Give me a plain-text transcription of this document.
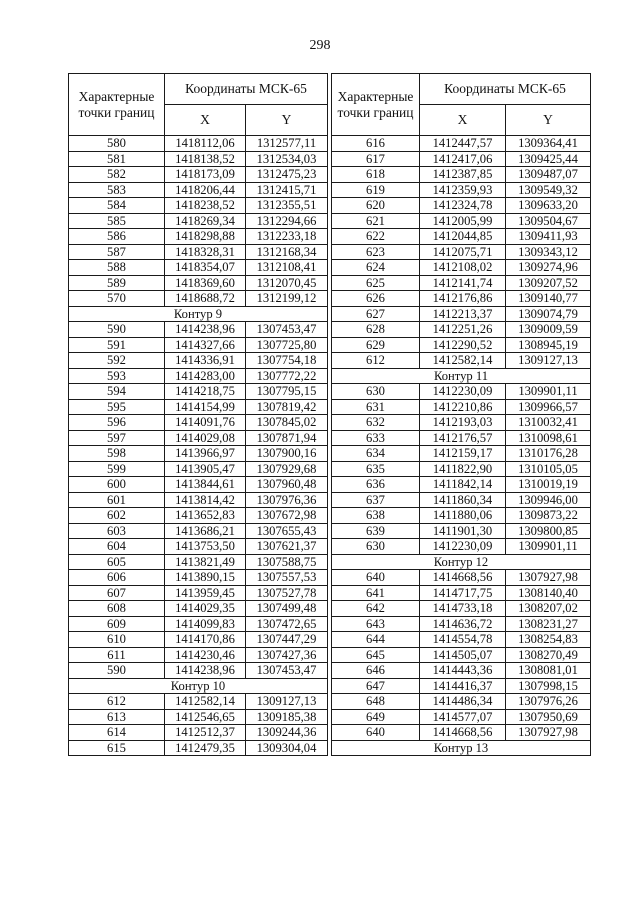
298
Характерные точки границ	Координаты МСК-65	
	X	Y
580	1418112,06	1312577,11
581	1418138,52	1312534,03
582	1418173,09	1312475,23
583	1418206,44	1312415,71
584	1418238,52	1312355,51
585	1418269,34	1312294,66
586	1418298,88	1312233,18
587	1418328,31	1312168,34
588	1418354,07	1312108,41
589	1418369,60	1312070,45
570	1418688,72	1312199,12
Контур 9		
590	1414238,96	1307453,47
591	1414327,66	1307725,80
592	1414336,91	1307754,18
593	1414283,00	1307772,22
594	1414218,75	1307795,15
595	1414154,99	1307819,42
596	1414091,76	1307845,02
597	1414029,08	1307871,94
598	1413966,97	1307900,16
599	1413905,47	1307929,68
600	1413844,61	1307960,48
601	1413814,42	1307976,36
602	1413652,83	1307672,98
603	1413686,21	1307655,43
604	1413753,50	1307621,37
605	1413821,49	1307588,75
606	1413890,15	1307557,53
607	1413959,45	1307527,78
608	1414029,35	1307499,48
609	1414099,83	1307472,65
610	1414170,86	1307447,29
611	1414230,46	1307427,36
590	1414238,96	1307453,47
Контур 10		
612	1412582,14	1309127,13
613	1412546,65	1309185,38
614	1412512,37	1309244,36
615	1412479,35	1309304,04
Характерные точки границ	Координаты МСК-65	
	X	Y
616	1412447,57	1309364,41
617	1412417,06	1309425,44
618	1412387,85	1309487,07
619	1412359,93	1309549,32
620	1412324,78	1309633,20
621	1412005,99	1309504,67
622	1412044,85	1309411,93
623	1412075,71	1309343,12
624	1412108,02	1309274,96
625	1412141,74	1309207,52
626	1412176,86	1309140,77
627	1412213,37	1309074,79
628	1412251,26	1309009,59
629	1412290,52	1308945,19
612	1412582,14	1309127,13
Контур 11		
630	1412230,09	1309901,11
631	1412210,86	1309966,57
632	1412193,03	1310032,41
633	1412176,57	1310098,61
634	1412159,17	1310176,28
635	1411822,90	1310105,05
636	1411842,14	1310019,19
637	1411860,34	1309946,00
638	1411880,06	1309873,22
639	1411901,30	1309800,85
630	1412230,09	1309901,11
Контур 12		
640	1414668,56	1307927,98
641	1414717,75	1308140,40
642	1414733,18	1308207,02
643	1414636,72	1308231,27
644	1414554,78	1308254,83
645	1414505,07	1308270,49
646	1414443,36	1308081,01
647	1414416,37	1307998,15
648	1414486,34	1307976,26
649	1414577,07	1307950,69
640	1414668,56	1307927,98
Контур 13		
